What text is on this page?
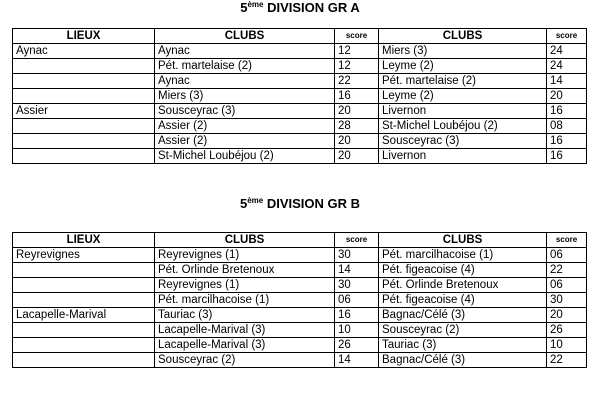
5ème DIVISION GR A
LIEUX	CLUBS	score	CLUBS	score
Aynac	Aynac	12	Miers (3)	24
	Pét. martelaise (2)	12	Leyme (2)	24
	Aynac	22	Pét. martelaise (2)	14
	Miers (3)	16	Leyme (2)	20
Assier	Sousceyrac (3)	20	Livernon	16
	Assier (2)	28	St-Michel Loubéjou (2)	08
	Assier (2)	20	Sousceyrac (3)	16
	St-Michel Loubéjou (2)	20	Livernon	16
5ème DIVISION GR B
LIEUX	CLUBS	score	CLUBS	score
Reyrevignes	Reyrevignes (1)	30	Pét. marcilhacoise (1)	06
	Pét. Orlinde Bretenoux	14	Pét. figeacoise (4)	22
	Reyrevignes (1)	30	Pét. Orlinde Bretenoux	06
	Pét. marcilhacoise (1)	06	Pét. figeacoise (4)	30
Lacapelle-Marival	Tauriac (3)	16	Bagnac/Célé (3)	20
	Lacapelle-Marival (3)	10	Sousceyrac (2)	26
	Lacapelle-Marival (3)	26	Tauriac (3)	10
	Sousceyrac (2)	14	Bagnac/Célé (3)	22
